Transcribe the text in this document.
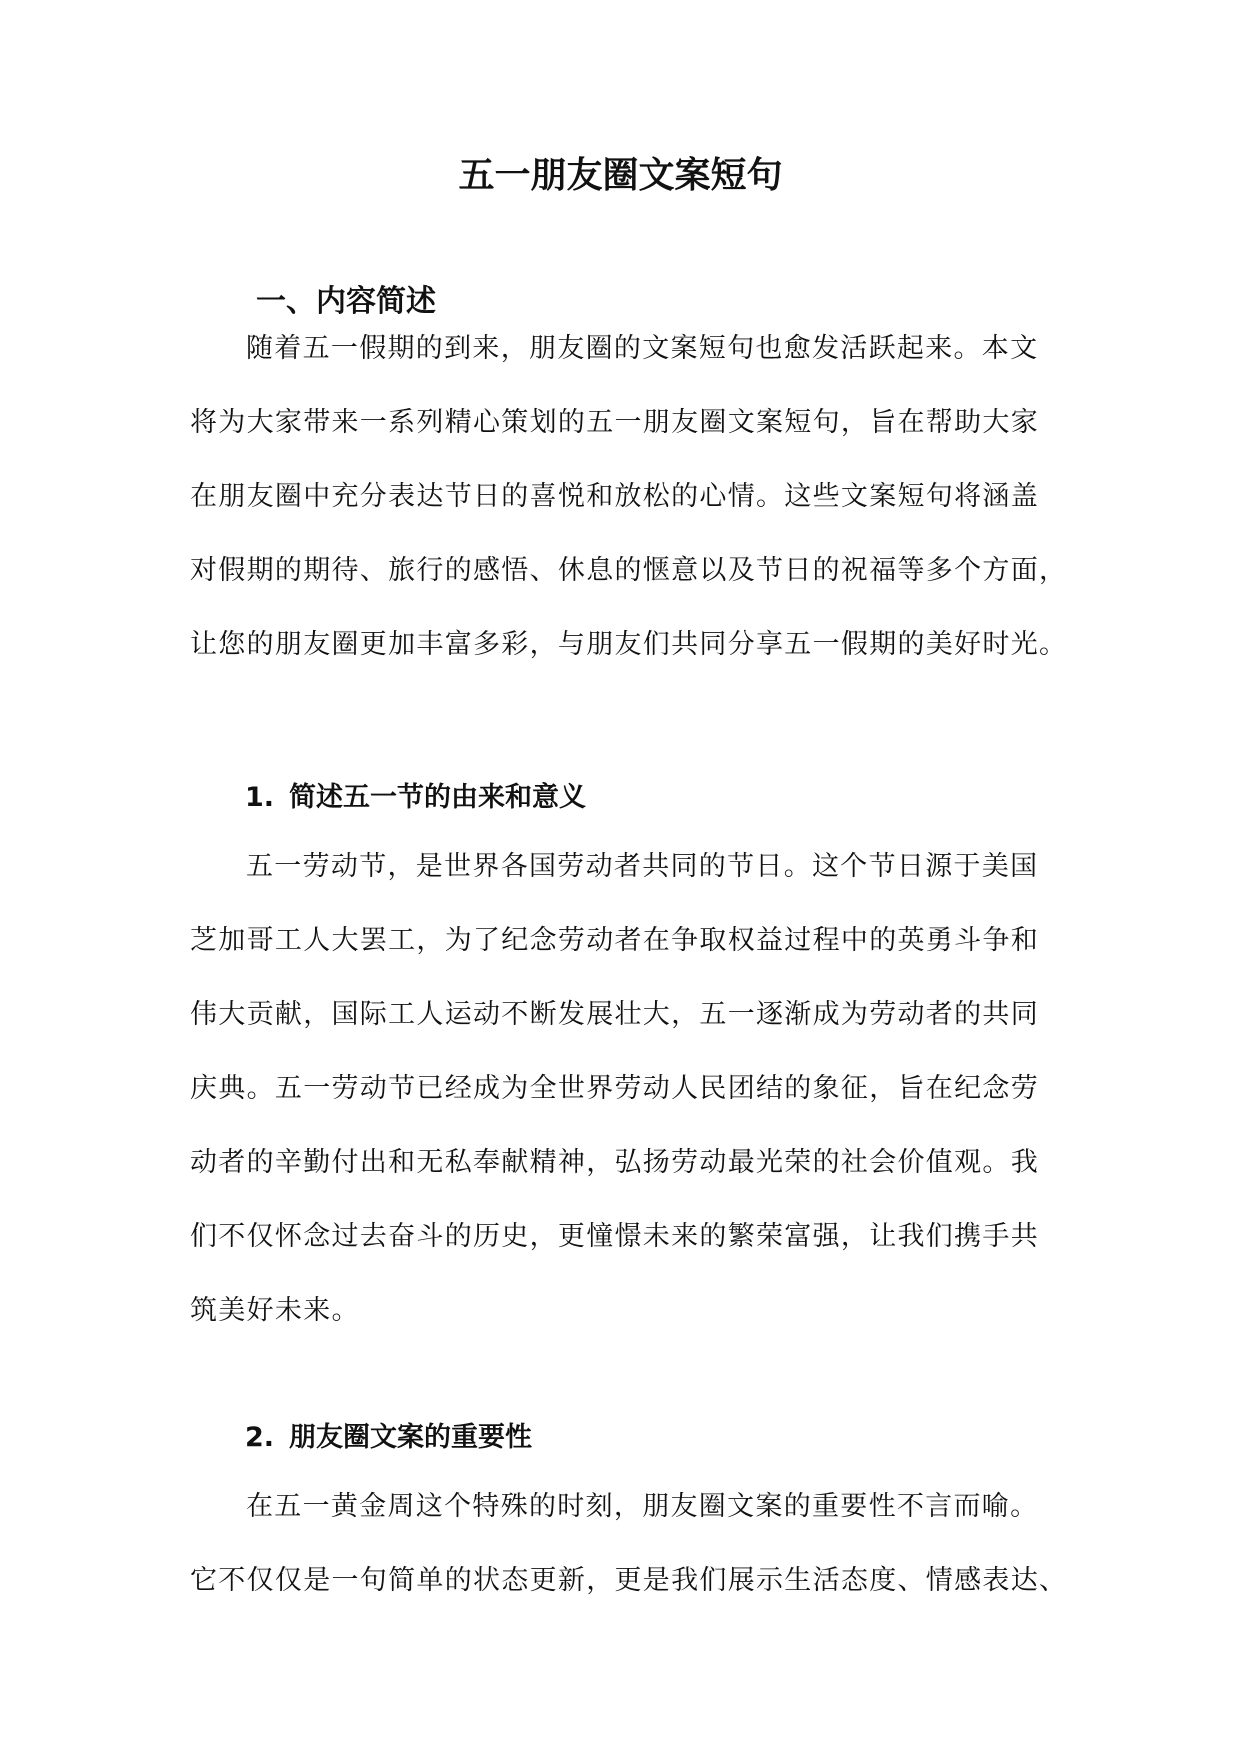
五一朋友圈文案短句
一、内容简述
随着五一假期的到来，朋友圈的文案短句也愈发活跃起来。本文
将为大家带来一系列精心策划的五一朋友圈文案短句，旨在帮助大家
在朋友圈中充分表达节日的喜悦和放松的心情。这些文案短句将涵盖
对假期的期待、旅行的感悟、休息的惬意以及节日的祝福等多个方面，
让您的朋友圈更加丰富多彩，与朋友们共同分享五一假期的美好时光。
1. 简述五一节的由来和意义
五一劳动节，是世界各国劳动者共同的节日。这个节日源于美国
芝加哥工人大罢工，为了纪念劳动者在争取权益过程中的英勇斗争和
伟大贡献，国际工人运动不断发展壮大，五一逐渐成为劳动者的共同
庆典。五一劳动节已经成为全世界劳动人民团结的象征，旨在纪念劳
动者的辛勤付出和无私奉献精神，弘扬劳动最光荣的社会价值观。我
们不仅怀念过去奋斗的历史，更憧憬未来的繁荣富强，让我们携手共
筑美好未来。
2. 朋友圈文案的重要性
在五一黄金周这个特殊的时刻，朋友圈文案的重要性不言而喻。
它不仅仅是一句简单的状态更新，更是我们展示生活态度、情感表达、
